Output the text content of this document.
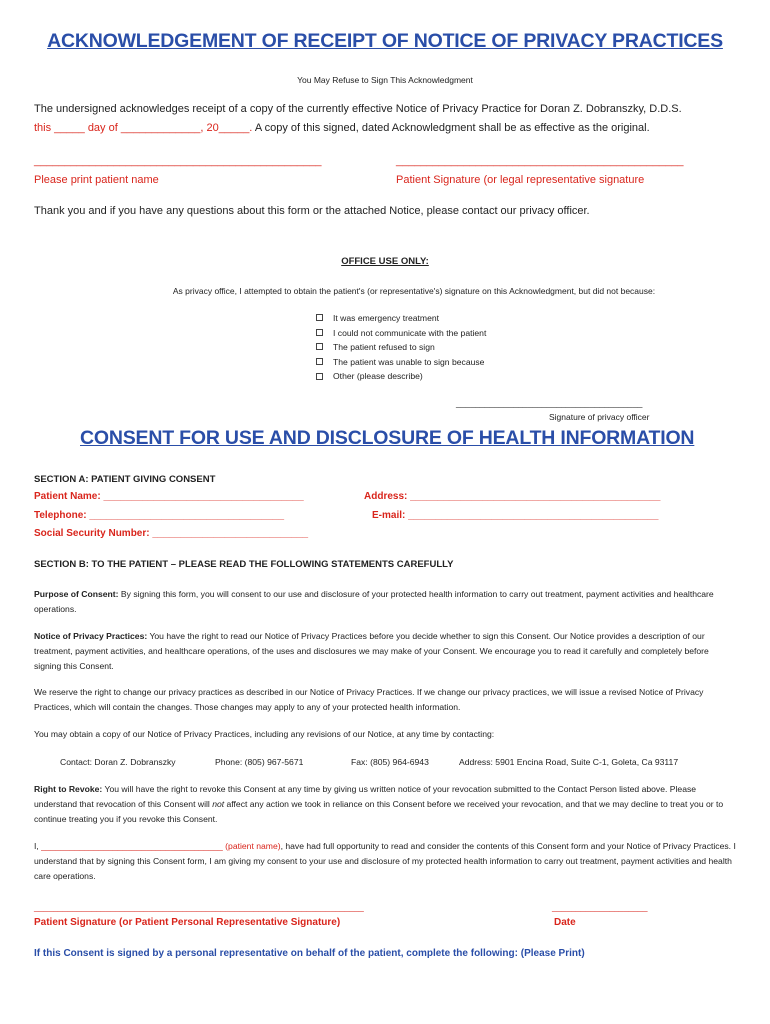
ACKNOWLEDGEMENT OF RECEIPT OF NOTICE OF PRIVACY PRACTICES
You May Refuse to Sign This Acknowledgment
The undersigned acknowledges receipt of a copy of the currently effective Notice of Privacy Practice for Doran Z. Dobranszky, D.D.S.
this _____ day of _____________, 20_____. A copy of this signed, dated Acknowledgment shall be as effective as the original.
_______________________________________________	_______________________________________________
Please print patient name	Patient Signature (or legal representative signature
Thank you and if you have any questions about this form or the attached Notice, please contact our privacy officer.
OFFICE USE ONLY:
As privacy office, I attempted to obtain the patient's (or representative's) signature on this Acknowledgment, but did not because:
It was emergency treatment
I could not communicate with the patient
The patient refused to sign
The patient was unable to sign because
Other (please describe)
_______________________________________
Signature of privacy officer
CONSENT FOR USE AND DISCLOSURE OF HEALTH INFORMATION
SECTION A: PATIENT GIVING CONSENT
Patient Name: ____________________________________	Address: _____________________________________________
Telephone: ___________________________________	E-mail: _____________________________________________
Social Security Number: ____________________________
SECTION B: TO THE PATIENT – PLEASE READ THE FOLLOWING STATEMENTS CAREFULLY
Purpose of Consent: By signing this form, you will consent to our use and disclosure of your protected health information to carry out treatment, payment activities and healthcare operations.
Notice of Privacy Practices: You have the right to read our Notice of Privacy Practices before you decide whether to sign this Consent. Our Notice provides a description of our treatment, payment activities, and healthcare operations, of the uses and disclosures we may make of your Consent. We encourage you to read it carefully and completely before signing this Consent.
We reserve the right to change our privacy practices as described in our Notice of Privacy Practices. If we change our privacy practices, we will issue a revised Notice of Privacy Practices, which will contain the changes. Those changes may apply to any of your protected health information.
You may obtain a copy of our Notice of Privacy Practices, including any revisions of our Notice, at any time by contacting:
Contact: Doran Z. Dobranszky	Phone: (805) 967-5671	Fax: (805) 964-6943	Address: 5901 Encina Road, Suite C-1, Goleta, Ca 93117
Right to Revoke: You will have the right to revoke this Consent at any time by giving us written notice of your revocation submitted to the Contact Person listed above. Please understand that revocation of this Consent will not affect any action we took in reliance on this Consent before we received your revocation, and that we may decline to treat you or to continue treating you if you revoke this Consent.
I, ______________________________________ (patient name), have had full opportunity to read and consider the contents of this Consent form and your Notice of Privacy Practices. I understand that by signing this Consent form, I am giving my consent to your use and disclosure of my protected health information to carry out treatment, payment activities and health care operations.
_____________________________________________________________________	____________________
Patient Signature (or Patient Personal Representative Signature)	Date
If this Consent is signed by a personal representative on behalf of the patient, complete the following: (Please Print)
